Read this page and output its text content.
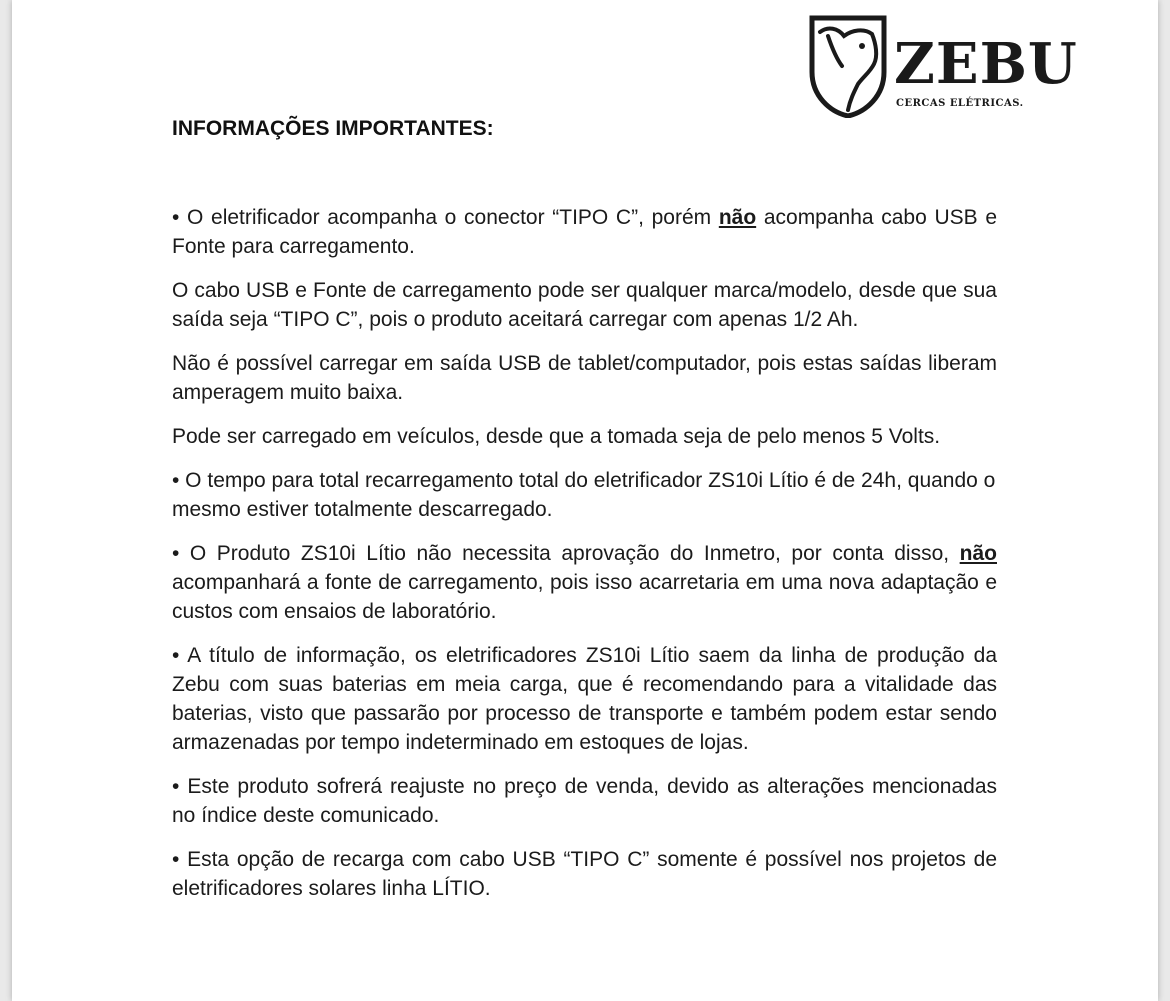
ZEBU
CERCAS ELÉTRICAS.
INFORMAÇÕES IMPORTANTES:

• O eletrificador acompanha o conector “TIPO C”, porém não acompanha cabo USB e Fonte para carregamento.

O cabo USB e Fonte de carregamento pode ser qualquer marca/modelo, desde que sua saída seja “TIPO C”, pois o produto aceitará carregar com apenas 1/2 Ah.

Não é possível carregar em saída USB de tablet/computador, pois estas saídas liberam amperagem muito baixa.

Pode ser carregado em veículos, desde que a tomada seja de pelo menos 5 Volts.

• O tempo para total recarregamento total do eletrificador ZS10i Lítio é de 24h, quando o mesmo estiver totalmente descarregado.

• O Produto ZS10i Lítio não necessita aprovação do Inmetro, por conta disso, não acompanhará a fonte de carregamento, pois isso acarretaria em uma nova adaptação e custos com ensaios de laboratório.

• A título de informação, os eletrificadores ZS10i Lítio saem da linha de produção da Zebu com suas baterias em meia carga, que é recomendando para a vitalidade das baterias, visto que passarão por processo de transporte e também podem estar sendo armazenadas por tempo indeterminado em estoques de lojas.

• Este produto sofrerá reajuste no preço de venda, devido as alterações mencionadas no índice deste comunicado.

• Esta opção de recarga com cabo USB “TIPO C” somente é possível nos projetos de eletrificadores solares linha LÍTIO.
